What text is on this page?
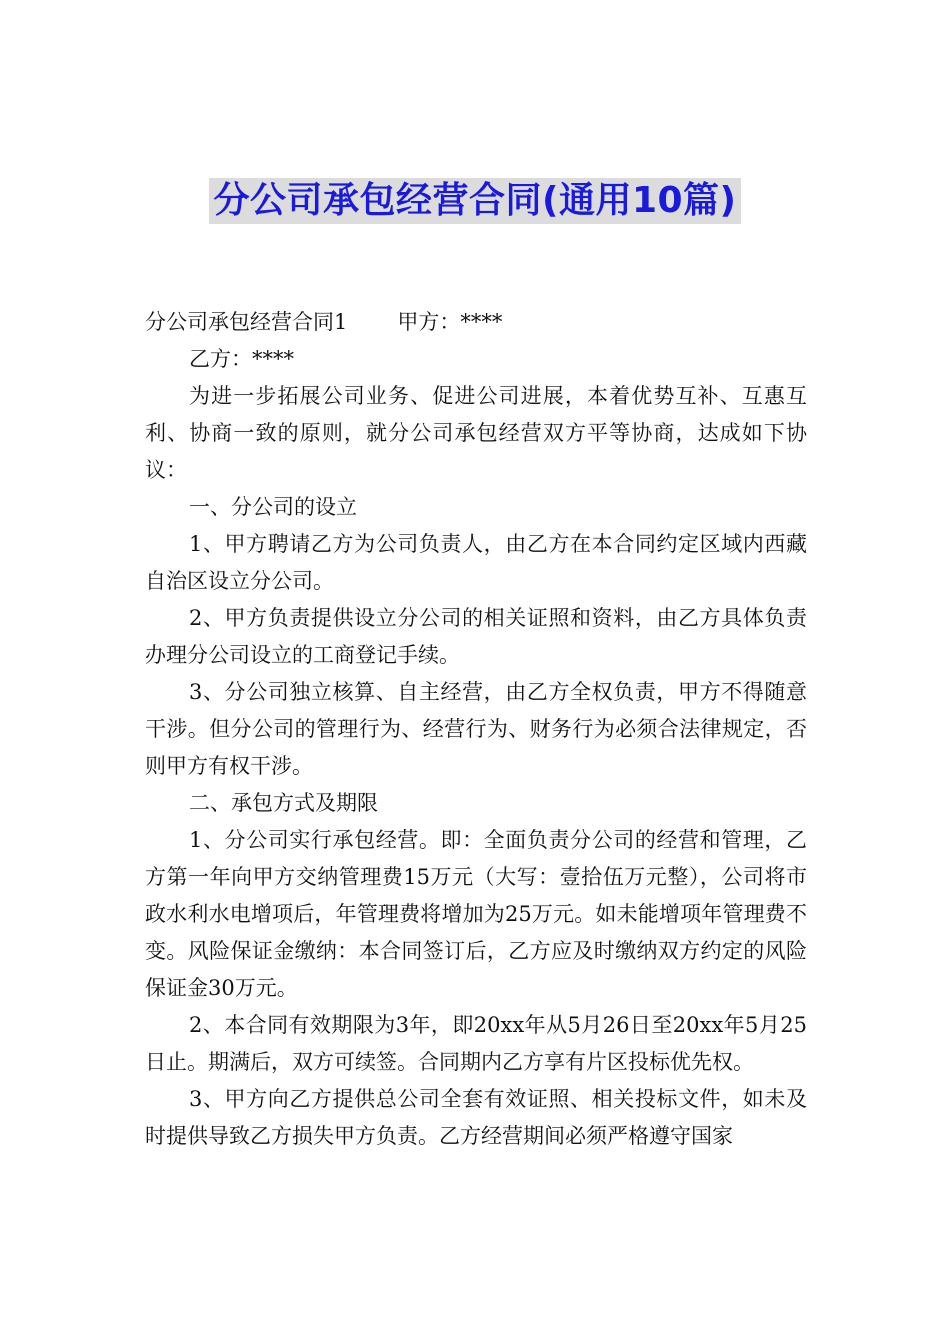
分公司承包经营合同(通用10篇)

分公司承包经营合同1 甲方：****

乙方：****

为进一步拓展公司业务、促进公司进展，本着优势互补、互惠互利、协商一致的原则，就分公司承包经营双方平等协商，达成如下协议：

一、分公司的设立

1、甲方聘请乙方为公司负责人，由乙方在本合同约定区域内西藏自治区设立分公司。

2、甲方负责提供设立分公司的相关证照和资料，由乙方具体负责办理分公司设立的工商登记手续。

3、分公司独立核算、自主经营，由乙方全权负责，甲方不得随意干涉。但分公司的管理行为、经营行为、财务行为必须合法律规定，否则甲方有权干涉。

二、承包方式及期限

1、分公司实行承包经营。即：全面负责分公司的经营和管理，乙方第一年向甲方交纳管理费15万元（大写：壹拾伍万元整），公司将市政水利水电增项后，年管理费将增加为25万元。如未能增项年管理费不变。风险保证金缴纳：本合同签订后，乙方应及时缴纳双方约定的风险保证金30万元。

2、本合同有效期限为3年，即20xx年从5月26日至20xx年5月25日止。期满后，双方可续签。合同期内乙方享有片区投标优先权。

3、甲方向乙方提供总公司全套有效证照、相关投标文件，如未及时提供导致乙方损失甲方负责。乙方经营期间必须严格遵守国家
